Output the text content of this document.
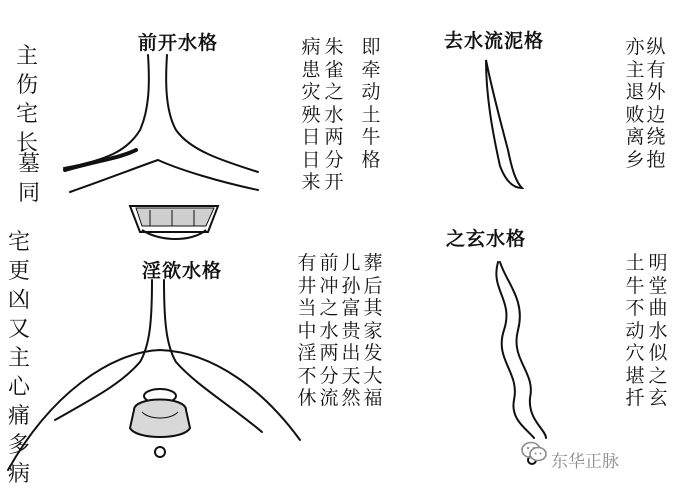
前开水格
主
伤
宅
长
墓
同
病
患
灾
殃
日
日
来
朱
雀
之
水
两
分
开
即
牵
动
土
牛
格
淫欲水格
宅
更
凶
又
主
心
痛
多
病
有
井
当
中
淫
不
休
前
冲
之
水
两
分
流
儿
孙
富
贵
出
天
然
葬
后
其
家
发
大
福
去水流泥格	亦
主
退
败
离
乡
纵
有
外
边
绕
抱
之玄水格
土
牛
不
动
穴
堪
扦
明
堂
曲
水
似
之
玄
东华正脉
